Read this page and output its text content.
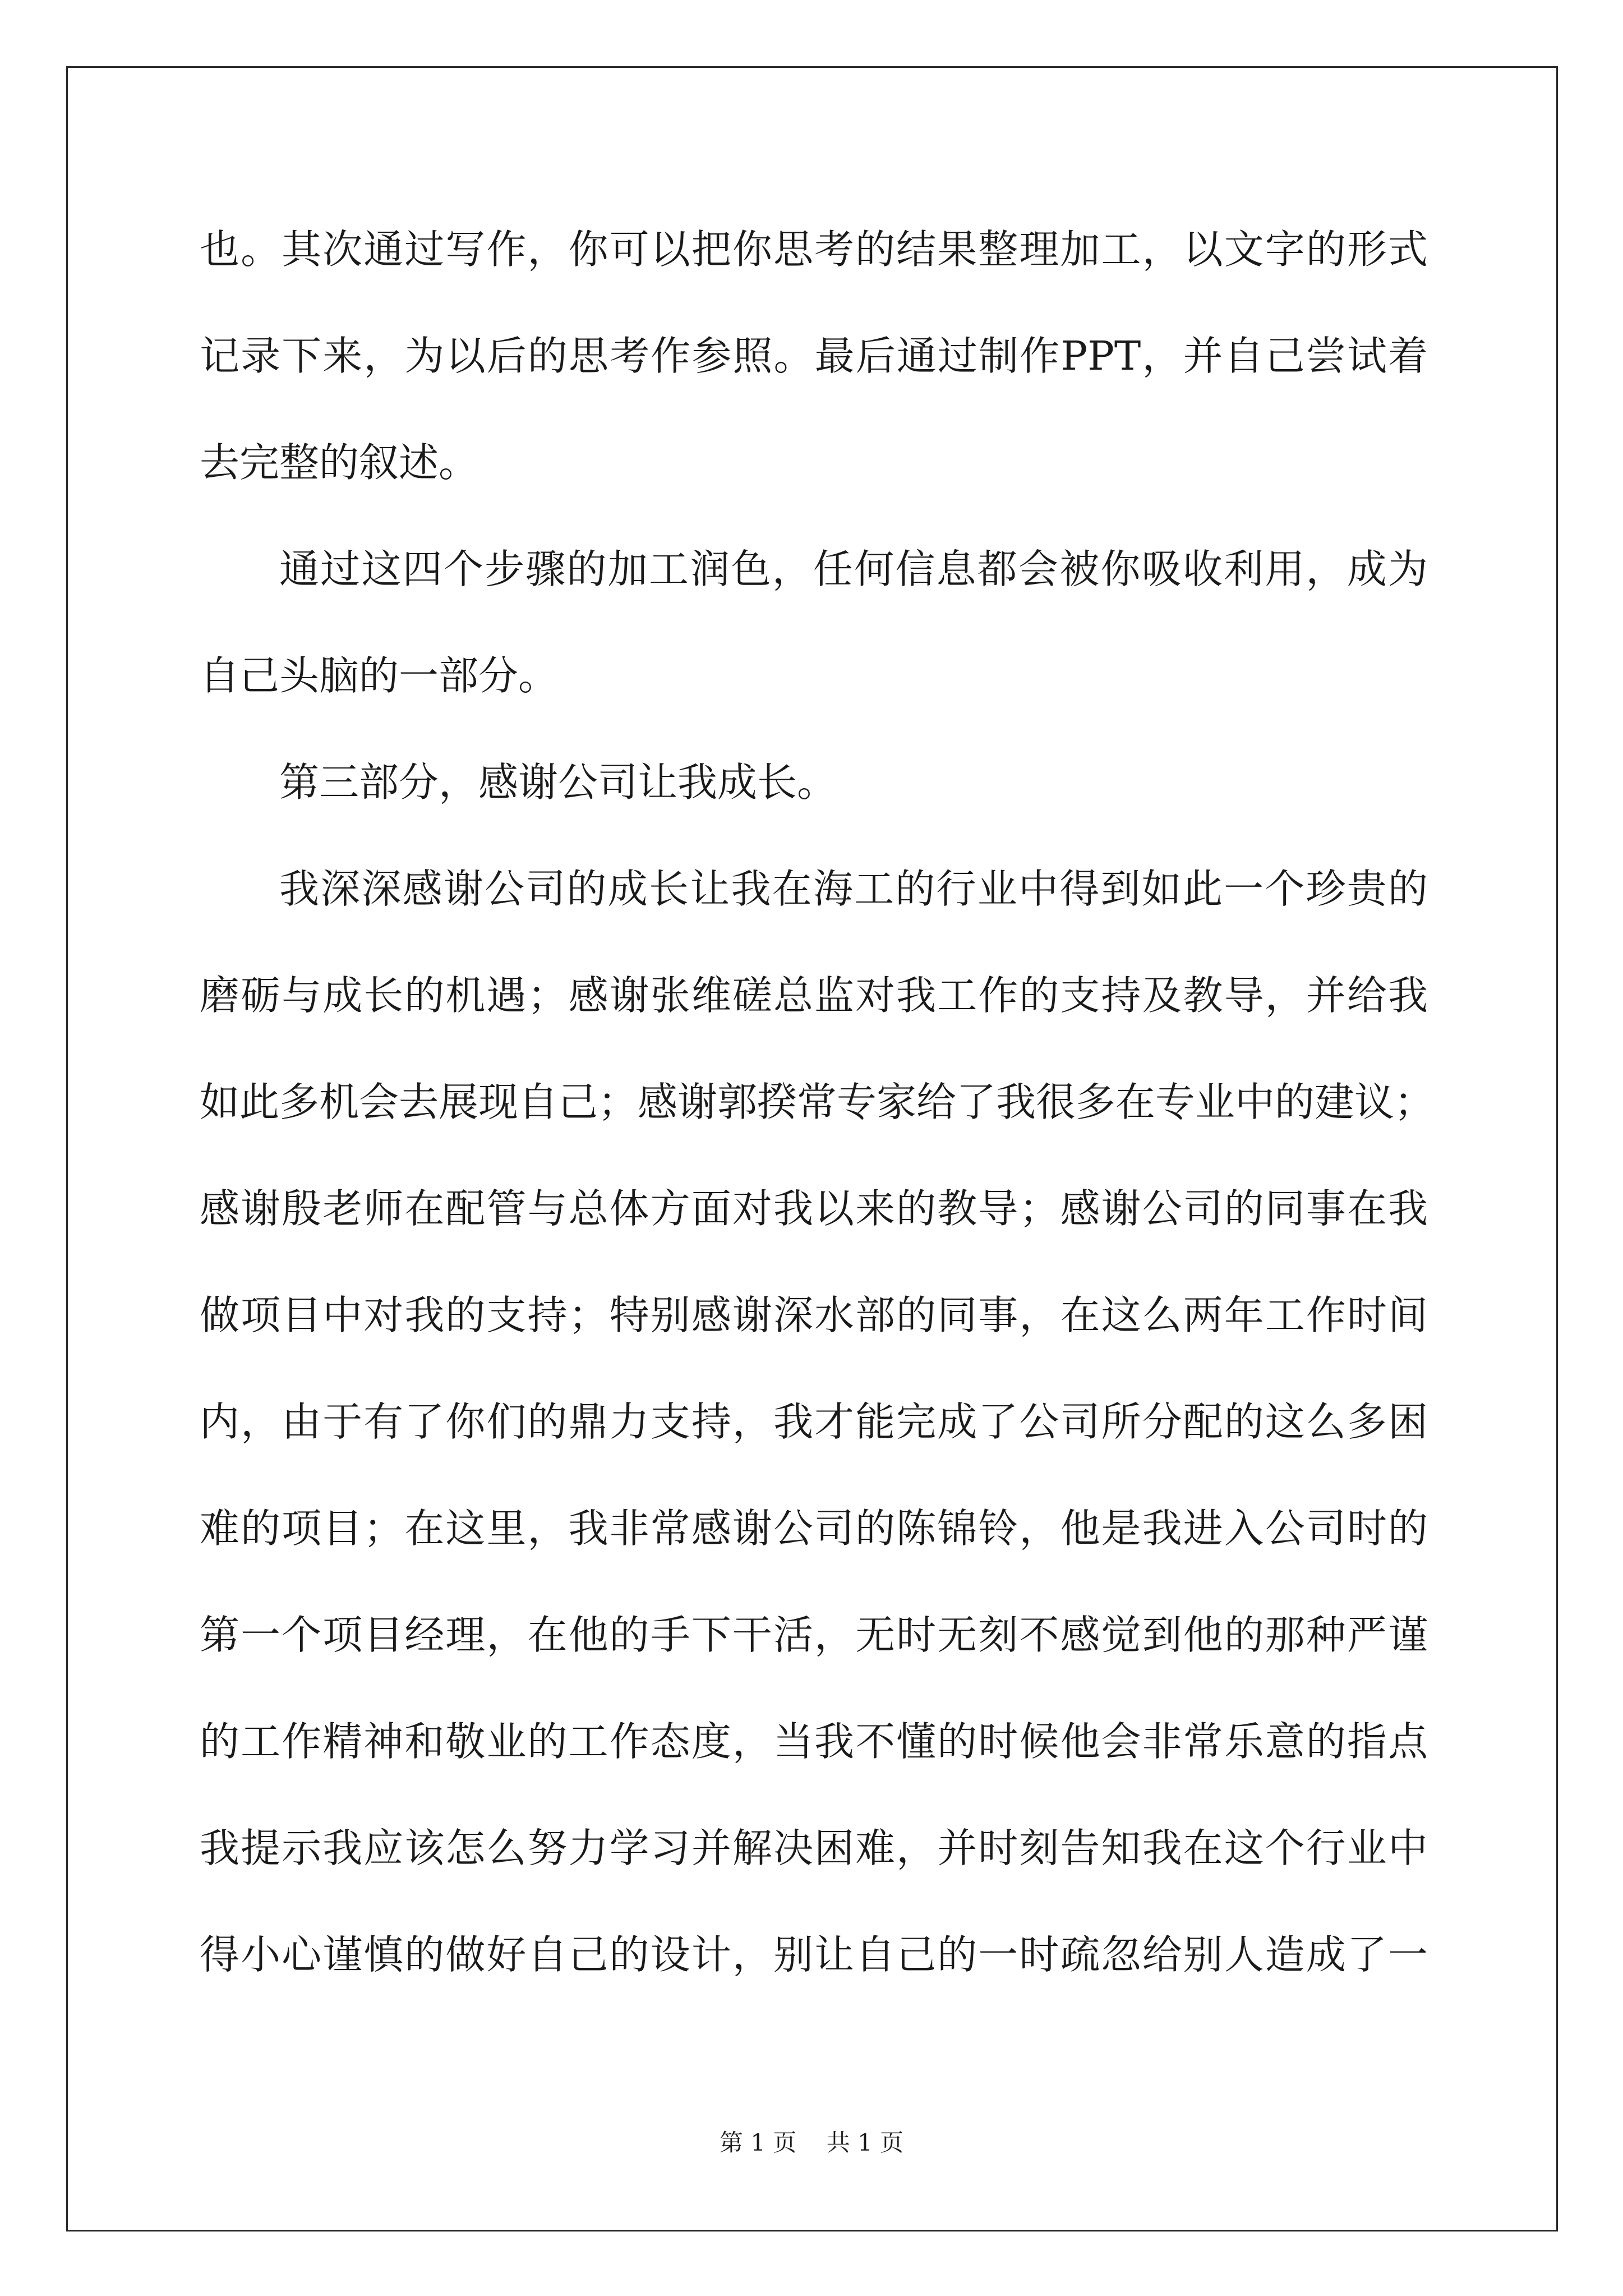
也。其次通过写作，你可以把你思考的结果整理加工，以文字的形式
记录下来，为以后的思考作参照。最后通过制作PPT，并自己尝试着
去完整的叙述。
通过这四个步骤的加工润色，任何信息都会被你吸收利用，成为
自己头脑的一部分。
第三部分，感谢公司让我成长。
我深深感谢公司的成长让我在海工的行业中得到如此一个珍贵的
磨砺与成长的机遇；感谢张维磋总监对我工作的支持及教导，并给我
如此多机会去展现自己；感谢郭揆常专家给了我很多在专业中的建议；
感谢殷老师在配管与总体方面对我以来的教导；感谢公司的同事在我
做项目中对我的支持；特别感谢深水部的同事，在这么两年工作时间
内，由于有了你们的鼎力支持，我才能完成了公司所分配的这么多困
难的项目；在这里，我非常感谢公司的陈锦铃，他是我进入公司时的
第一个项目经理，在他的手下干活，无时无刻不感觉到他的那种严谨
的工作精神和敬业的工作态度，当我不懂的时候他会非常乐意的指点
我提示我应该怎么努力学习并解决困难，并时刻告知我在这个行业中
得小心谨慎的做好自己的设计，别让自己的一时疏忽给别人造成了一
第 1 页    共 1 页
